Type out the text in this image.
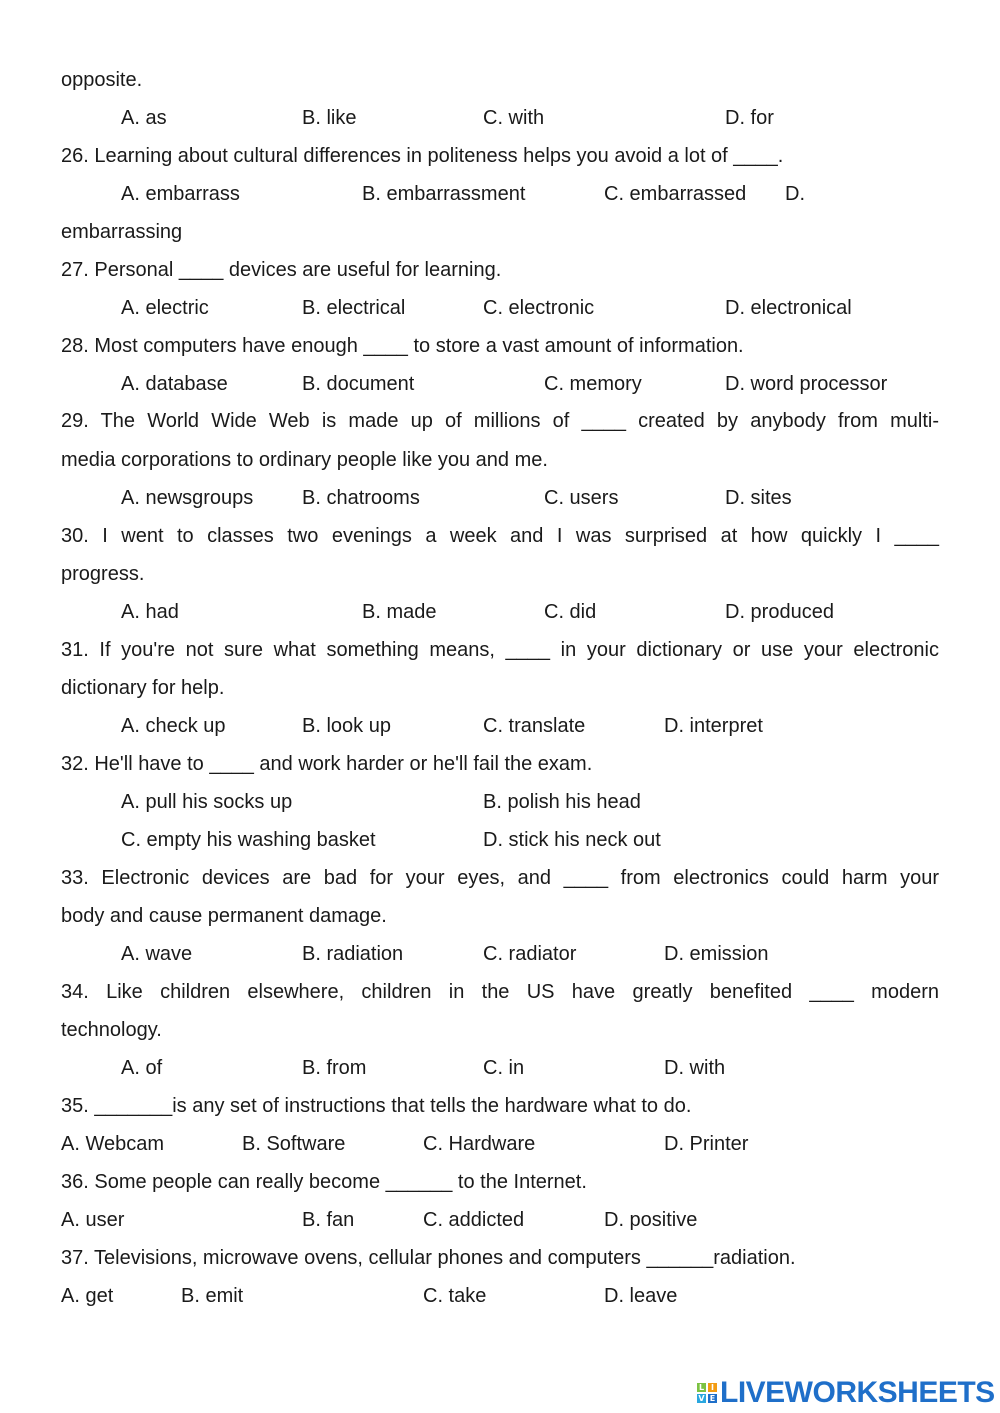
opposite.
A. as	B. like	C. with	D. for
26. Learning about cultural differences in politeness helps you avoid a lot of ____.
A. embarrass	B. embarrassment	C. embarrassed D.
embarrassing
27. Personal ____ devices are useful for learning.
A. electric	B. electrical	C. electronic	D. electronical
28. Most computers have enough ____ to store a vast amount of information.
A. database	B. document	C. memory	D. word processor
29. The World Wide Web is made up of millions of ____ created by anybody from multi-
media corporations to ordinary people like you and me.
A. newsgroups B. chatrooms	C. users	D. sites
30. I went to classes two evenings a week and I was surprised at how quickly I ____
progress.
A. had	B. made	C. did	D. produced
31. If you're not sure what something means, ____ in your dictionary or use your electronic
dictionary for help.
A. check up	B. look up	C. translate	D. interpret
32. He'll have to ____ and work harder or he'll fail the exam.
A. pull his socks up	B. polish his head
C. empty his washing basket	D. stick his neck out
33. Electronic devices are bad for your eyes, and ____ from electronics could harm your
body and cause permanent damage.
A. wave	B. radiation	C. radiator	D. emission
34. Like children elsewhere, children in the US have greatly benefited ____ modern
technology.
A. of	B. from	C. in	D. with
35. _______is any set of instructions that tells the hardware what to do.
A. Webcam	B. Software	C. Hardware	D. Printer
36. Some people can really become ______ to the Internet.
A. user	B. fan	C. addicted	D. positive
37. Televisions, microwave ovens, cellular phones and computers ______radiation.
A. get	B. emit	C. take	D. leave
L I
V E LIVEWORKSHEETS
